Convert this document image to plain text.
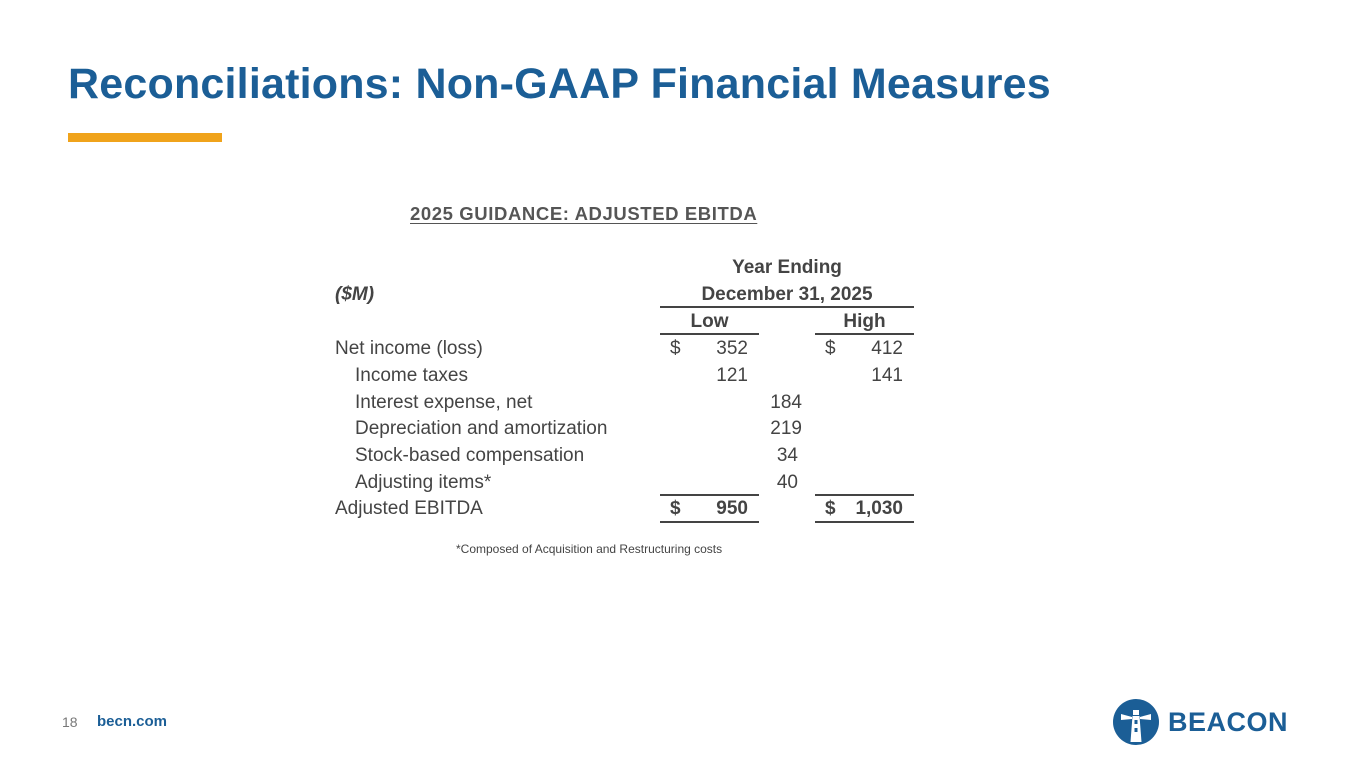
Reconciliations: Non-GAAP Financial Measures
2025 GUIDANCE: ADJUSTED EBITDA
Year Ending
($M)	December 31, 2025
Low	High
Net income (loss)	$	352	$	412
Income taxes	121	141
Interest expense, net	184
Depreciation and amortization	219
Stock-based compensation	34
Adjusting items*	40
Adjusted EBITDA	$	950	$	1,030
*Composed of Acquisition and Restructuring costs
18 becn.com	BEACON
